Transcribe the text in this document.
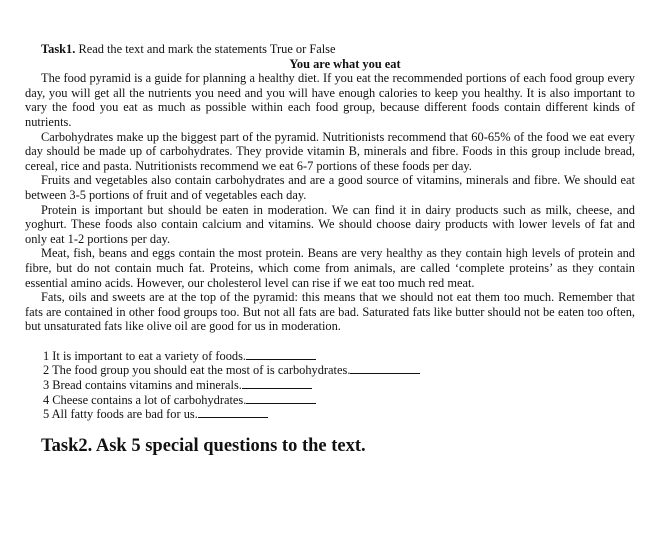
Task1. Read the text and mark the statements True or False
You are what you eat

The food pyramid is a guide for planning a healthy diet. If you eat the recommended portions of each food group every day, you will get all the nutrients you need and you will have enough calories to keep you healthy. It is also important to vary the food you eat as much as possible within each food group, because different foods contain different kinds of nutrients.

Carbohydrates make up the biggest part of the pyramid. Nutritionists recommend that 60-65% of the food we eat every day should be made up of carbohydrates. They provide vitamin B, minerals and fibre. Foods in this group include bread, cereal, rice and pasta. Nutritionists recommend we eat 6-7 portions of these foods per day.

Fruits and vegetables also contain carbohydrates and are a good source of vitamins, minerals and fibre. We should eat between 3-5 portions of fruit and of vegetables each day.

Protein is important but should be eaten in moderation. We can find it in dairy products such as milk, cheese, and yoghurt. These foods also contain calcium and vitamins. We should choose dairy products with lower levels of fat and only eat 1-2 portions per day.

Meat, fish, beans and eggs contain the most protein. Beans are very healthy as they contain high levels of protein and fibre, but do not contain much fat. Proteins, which come from animals, are called ‘complete proteins’ as they contain essential amino acids. However, our cholesterol level can rise if we eat too much red meat.

Fats, oils and sweets are at the top of the pyramid: this means that we should not eat them too much. Remember that fats are contained in other food groups too. But not all fats are bad. Saturated fats like butter should not be eaten too often, but unsaturated fats like olive oil are good for us in moderation.

1 It is important to eat a variety of foods.
2 The food group you should eat the most of is carbohydrates.
3 Bread contains vitamins and minerals.
4 Cheese contains a lot of carbohydrates.
5 All fatty foods are bad for us.
Task2. Ask 5 special questions to the text.
